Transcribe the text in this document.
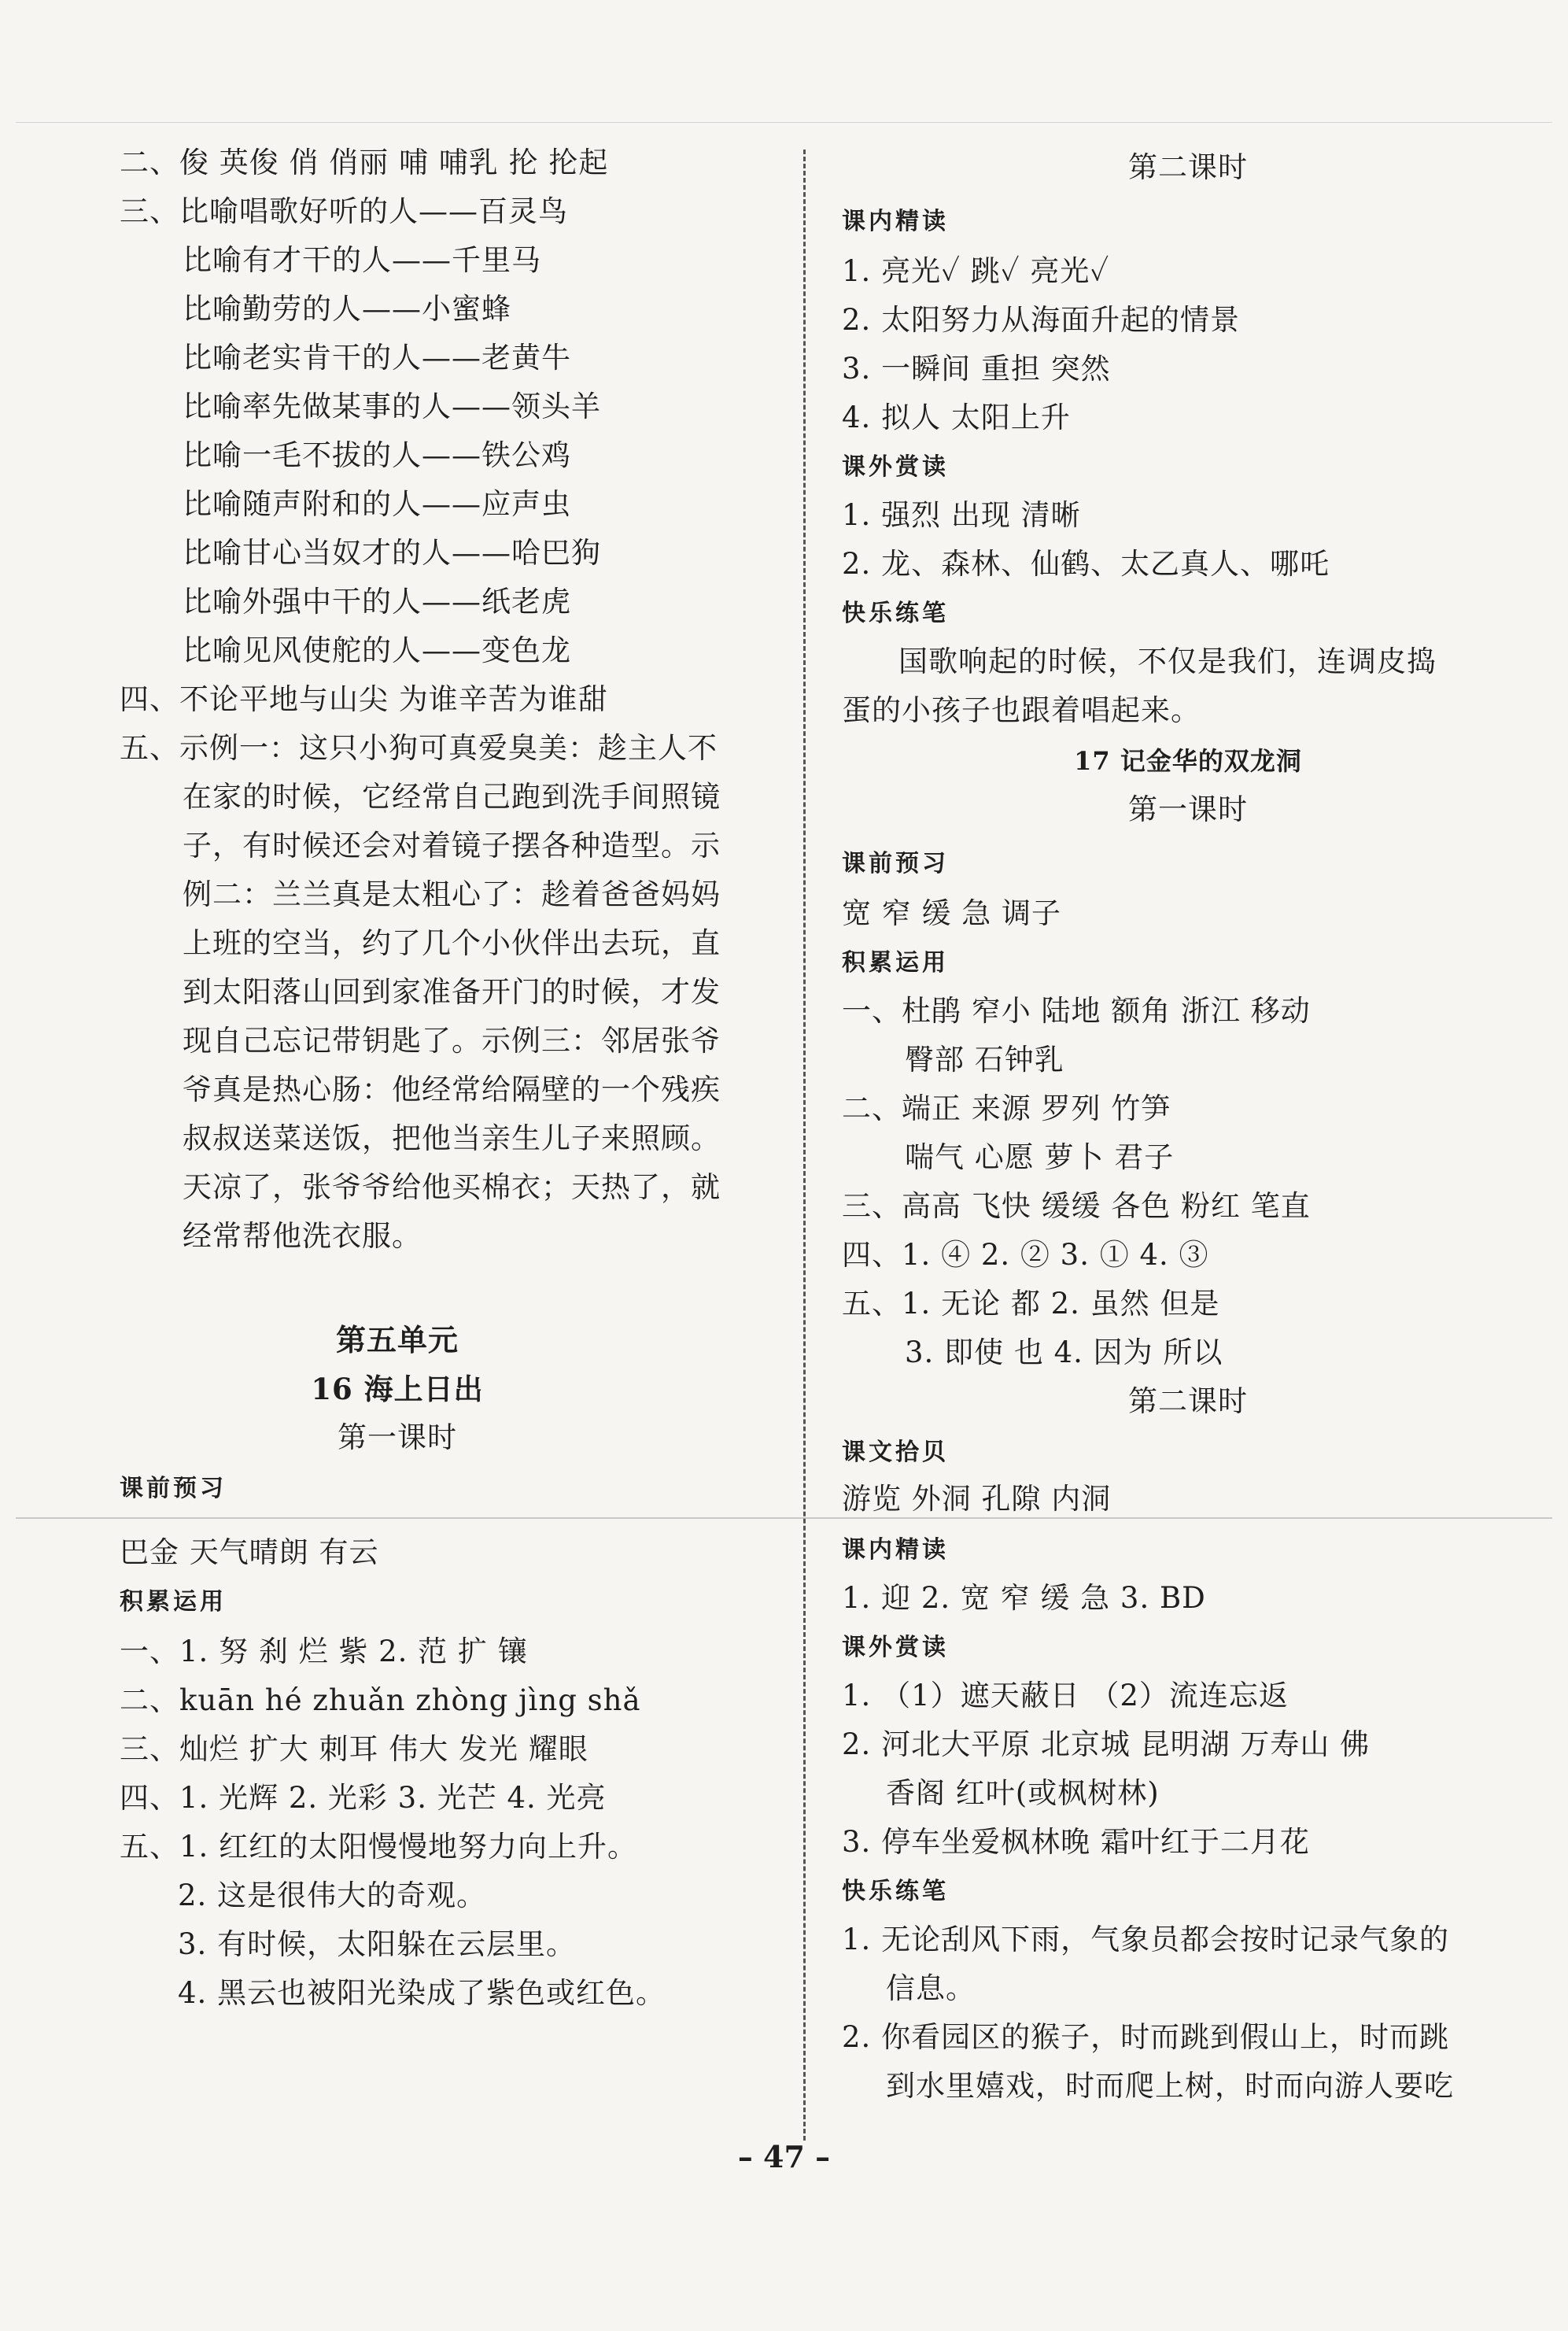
二、俊 英俊 俏 俏丽 哺 哺乳 抡 抡起
三、比喻唱歌好听的人——百灵鸟
比喻有才干的人——千里马
比喻勤劳的人——小蜜蜂
比喻老实肯干的人——老黄牛
比喻率先做某事的人——领头羊
比喻一毛不拔的人——铁公鸡
比喻随声附和的人——应声虫
比喻甘心当奴才的人——哈巴狗
比喻外强中干的人——纸老虎
比喻见风使舵的人——变色龙
四、不论平地与山尖 为谁辛苦为谁甜
五、示例一：这只小狗可真爱臭美：趁主人不
在家的时候，它经常自己跑到洗手间照镜
子，有时候还会对着镜子摆各种造型。示
例二：兰兰真是太粗心了：趁着爸爸妈妈
上班的空当，约了几个小伙伴出去玩，直
到太阳落山回到家准备开门的时候，才发
现自己忘记带钥匙了。示例三：邻居张爷
爷真是热心肠：他经常给隔壁的一个残疾
叔叔送菜送饭，把他当亲生儿子来照顾。
天凉了，张爷爷给他买棉衣；天热了，就
经常帮他洗衣服。
第五单元
16 海上日出
第一课时
课前预习
巴金 天气晴朗 有云
积累运用
一、1. 努 刹 烂 紫 2. 范 扩 镶
二、kuān hé zhuǎn zhòng jìng shǎ
三、灿烂 扩大 刺耳 伟大 发光 耀眼
四、1. 光辉 2. 光彩 3. 光芒 4. 光亮
五、1. 红红的太阳慢慢地努力向上升。
2. 这是很伟大的奇观。
3. 有时候，太阳躲在云层里。
4. 黑云也被阳光染成了紫色或红色。
第二课时
课内精读
1. 亮光✓ 跳✓ 亮光✓
2. 太阳努力从海面升起的情景
3. 一瞬间 重担 突然
4. 拟人 太阳上升
课外赏读
1. 强烈 出现 清晰
2. 龙、森林、仙鹤、太乙真人、哪吒
快乐练笔
国歌响起的时候，不仅是我们，连调皮捣
蛋的小孩子也跟着唱起来。
17 记金华的双龙洞
第一课时
课前预习
宽 窄 缓 急 调子
积累运用
一、杜鹃 窄小 陆地 额角 浙江 移动
臀部 石钟乳
二、端正 来源 罗列 竹笋
喘气 心愿 萝卜 君子
三、高高 飞快 缓缓 各色 粉红 笔直
四、1. ④ 2. ② 3. ① 4. ③
五、1. 无论 都 2. 虽然 但是
3. 即使 也 4. 因为 所以
第二课时
课文拾贝
游览 外洞 孔隙 内洞
课内精读
1. 迎 2. 宽 窄 缓 急 3. BD
课外赏读
1. （1）遮天蔽日 （2）流连忘返
2. 河北大平原 北京城 昆明湖 万寿山 佛
香阁 红叶(或枫树林)
3. 停车坐爱枫林晚 霜叶红于二月花
快乐练笔
1. 无论刮风下雨，气象员都会按时记录气象的
信息。
2. 你看园区的猴子，时而跳到假山上，时而跳
到水里嬉戏，时而爬上树，时而向游人要吃
– 47 –
